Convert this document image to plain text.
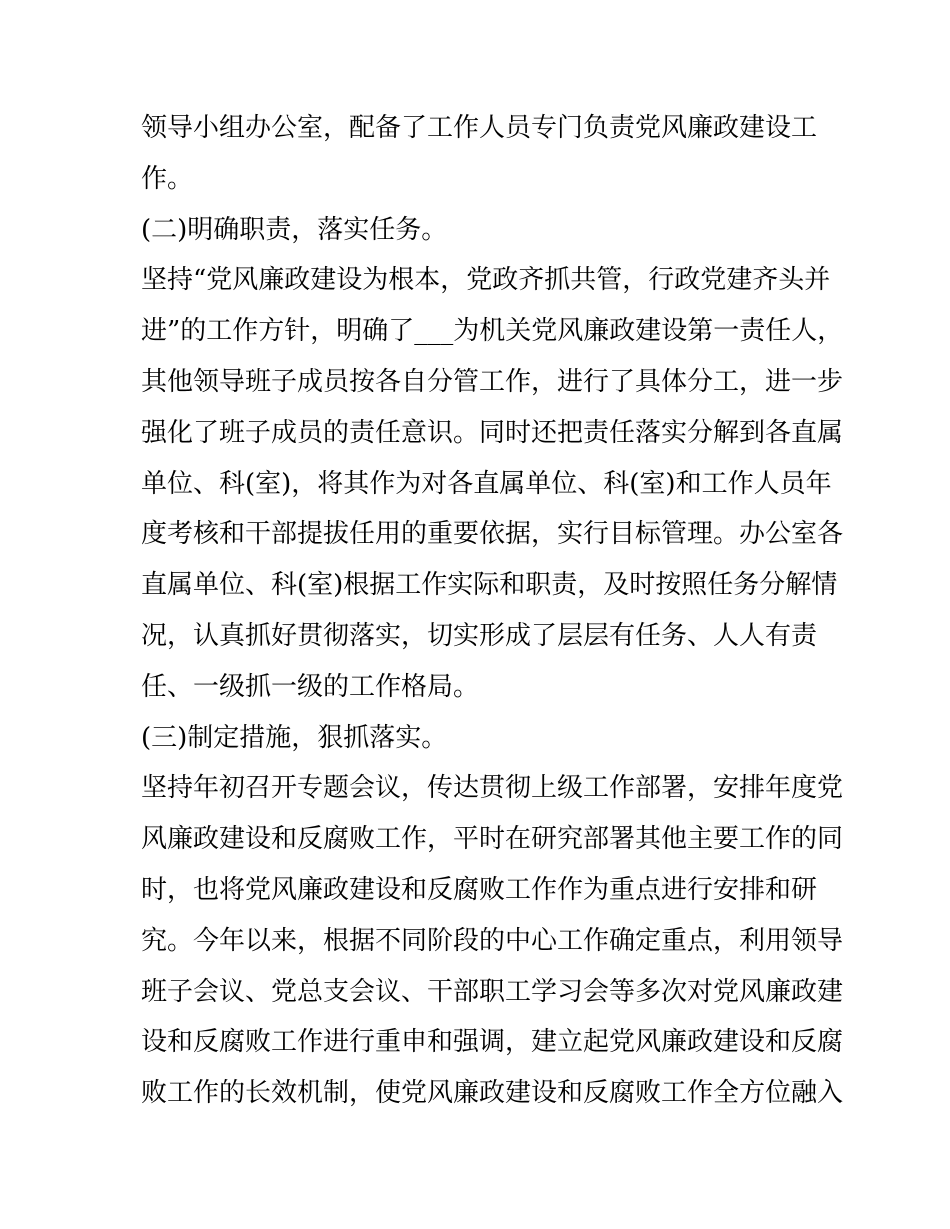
领导小组办公室，配备了工作人员专门负责党风廉政建设工

作。

(二)明确职责，落实任务。

坚持“党风廉政建设为根本，党政齐抓共管，行政党建齐头并

进”的工作方针，明确了___为机关党风廉政建设第一责任人，

其他领导班子成员按各自分管工作，进行了具体分工，进一步

强化了班子成员的责任意识。同时还把责任落实分解到各直属

单位、科(室)，将其作为对各直属单位、科(室)和工作人员年

度考核和干部提拔任用的重要依据，实行目标管理。办公室各

直属单位、科(室)根据工作实际和职责，及时按照任务分解情

况，认真抓好贯彻落实，切实形成了层层有任务、人人有责

任、一级抓一级的工作格局。

(三)制定措施，狠抓落实。

坚持年初召开专题会议，传达贯彻上级工作部署，安排年度党

风廉政建设和反腐败工作，平时在研究部署其他主要工作的同

时，也将党风廉政建设和反腐败工作作为重点进行安排和研

究。今年以来，根据不同阶段的中心工作确定重点，利用领导

班子会议、党总支会议、干部职工学习会等多次对党风廉政建

设和反腐败工作进行重申和强调，建立起党风廉政建设和反腐

败工作的长效机制，使党风廉政建设和反腐败工作全方位融入
